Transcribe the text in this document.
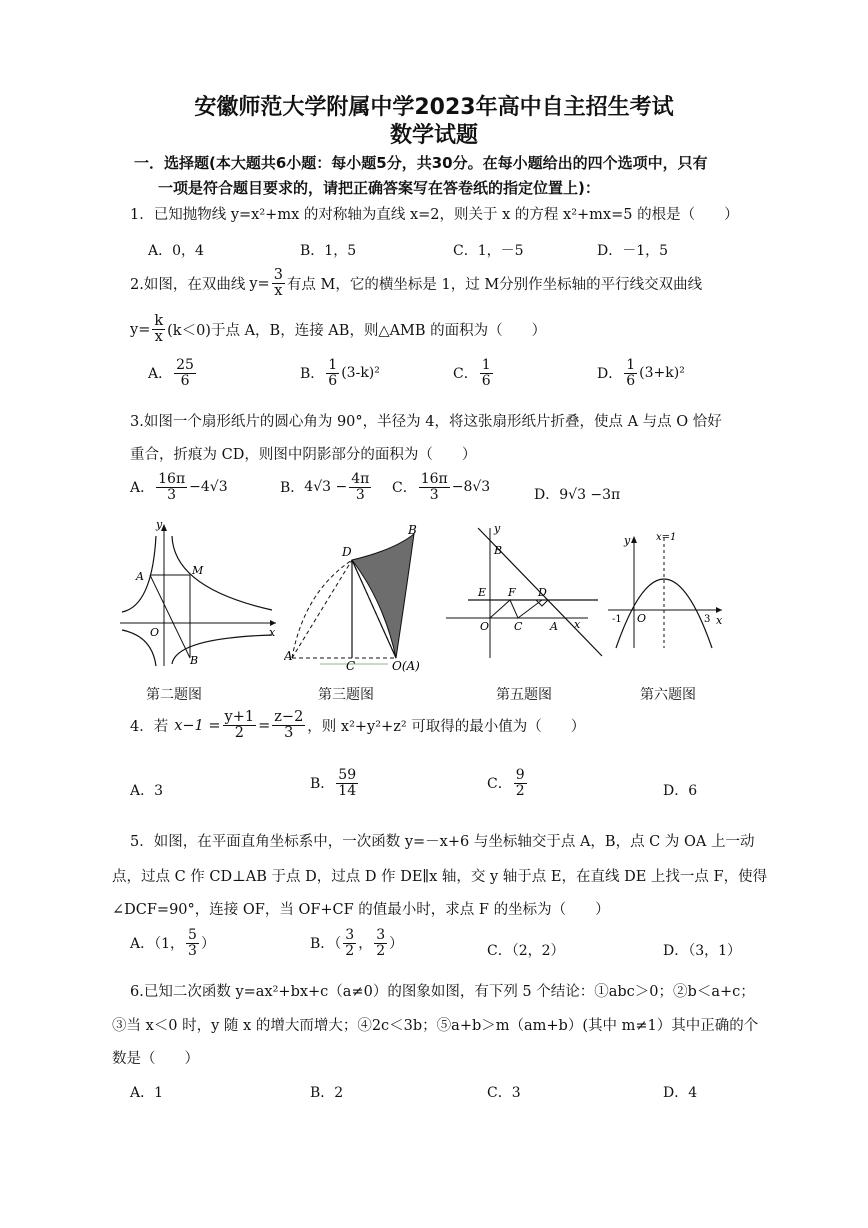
安徽师范大学附属中学2023年高中自主招生考试
数学试题
一．选择题(本大题共6小题：每小题5分，共30分。在每小题给出的四个选项中，只有
一项是符合题目要求的，请把正确答案写在答卷纸的指定位置上)：
1．已知抛物线 y=x²+mx 的对称轴为直线 x=2，则关于 x 的方程 x²+mx=5 的根是（　　）
A．0，4	B．1，5	C．1，－5	D．－1，5
2.如图，在双曲线 $y= \frac{3}{x}$ 有点 M，它的横坐标是 1，过 M分别作坐标轴的平行线交双曲线
$y= \frac{k}{x} (k<0)$于点 A，B，连接 AB，则△AMB 的面积为（　　）
A． $\frac{25}{6}$	B． $\frac{1}{6} (3-k)^2$	C． $\frac{1}{6}$	D． $\frac{1}{6} (3+k)^2$
3.如图一个扇形纸片的圆心角为 90°，半径为 4，将这张扇形纸片折叠，使点 A 与点 O 恰好
重合，折痕为 CD，则图中阴影部分的面积为（　　）
A． $\frac{16\pi}{3} -4√3$	B． $4√3 - \frac{4\pi}{3}$ C． $\frac{16\pi}{3} -8√3$	D．9√3 −3π
y
x
O
A	M
B
D
B
A
C	O(A)
y
B
E F D
O C	A x
y	x=1
-1 O	3 x
第二题图	第三题图	第五题图	第六题图
4．若 $x-1 = \frac{y+1}{2} = \frac{z-2}{3}$ ，则 x²+y²+z² 可取得的最小值为（　　）
A．3	B． $\frac{59}{14}$	C． $\frac{9}{2}$	D．6
5．如图，在平面直角坐标系中，一次函数 y=－x+6 与坐标轴交于点 A，B，点 C 为 OA 上一动
点，过点 C 作 CD⊥AB 于点 D，过点 D 作 DE∥x 轴，交 y 轴于点 E，在直线 DE 上找一点 F，使得
∠DCF=90°，连接 OF，当 OF+CF 的值最小时，求点 F 的坐标为（　　）
A．（1， $\frac{5}{3}$ ）	B．（ $\frac{3}{2}$ ， $\frac{3}{2}$ ）	C．（2，2）	D．（3，1）
6.已知二次函数 y=ax²+bx+c（a≠0）的图象如图，有下列 5 个结论：①abc＞0；②b＜a+c；
③当 x＜0 时，y 随 x 的增大而增大；④2c＜3b；⑤a+b＞m（am+b）(其中 m≠1）其中正确的个
数是（　　）
A．1	B．2	C．3	D．4
